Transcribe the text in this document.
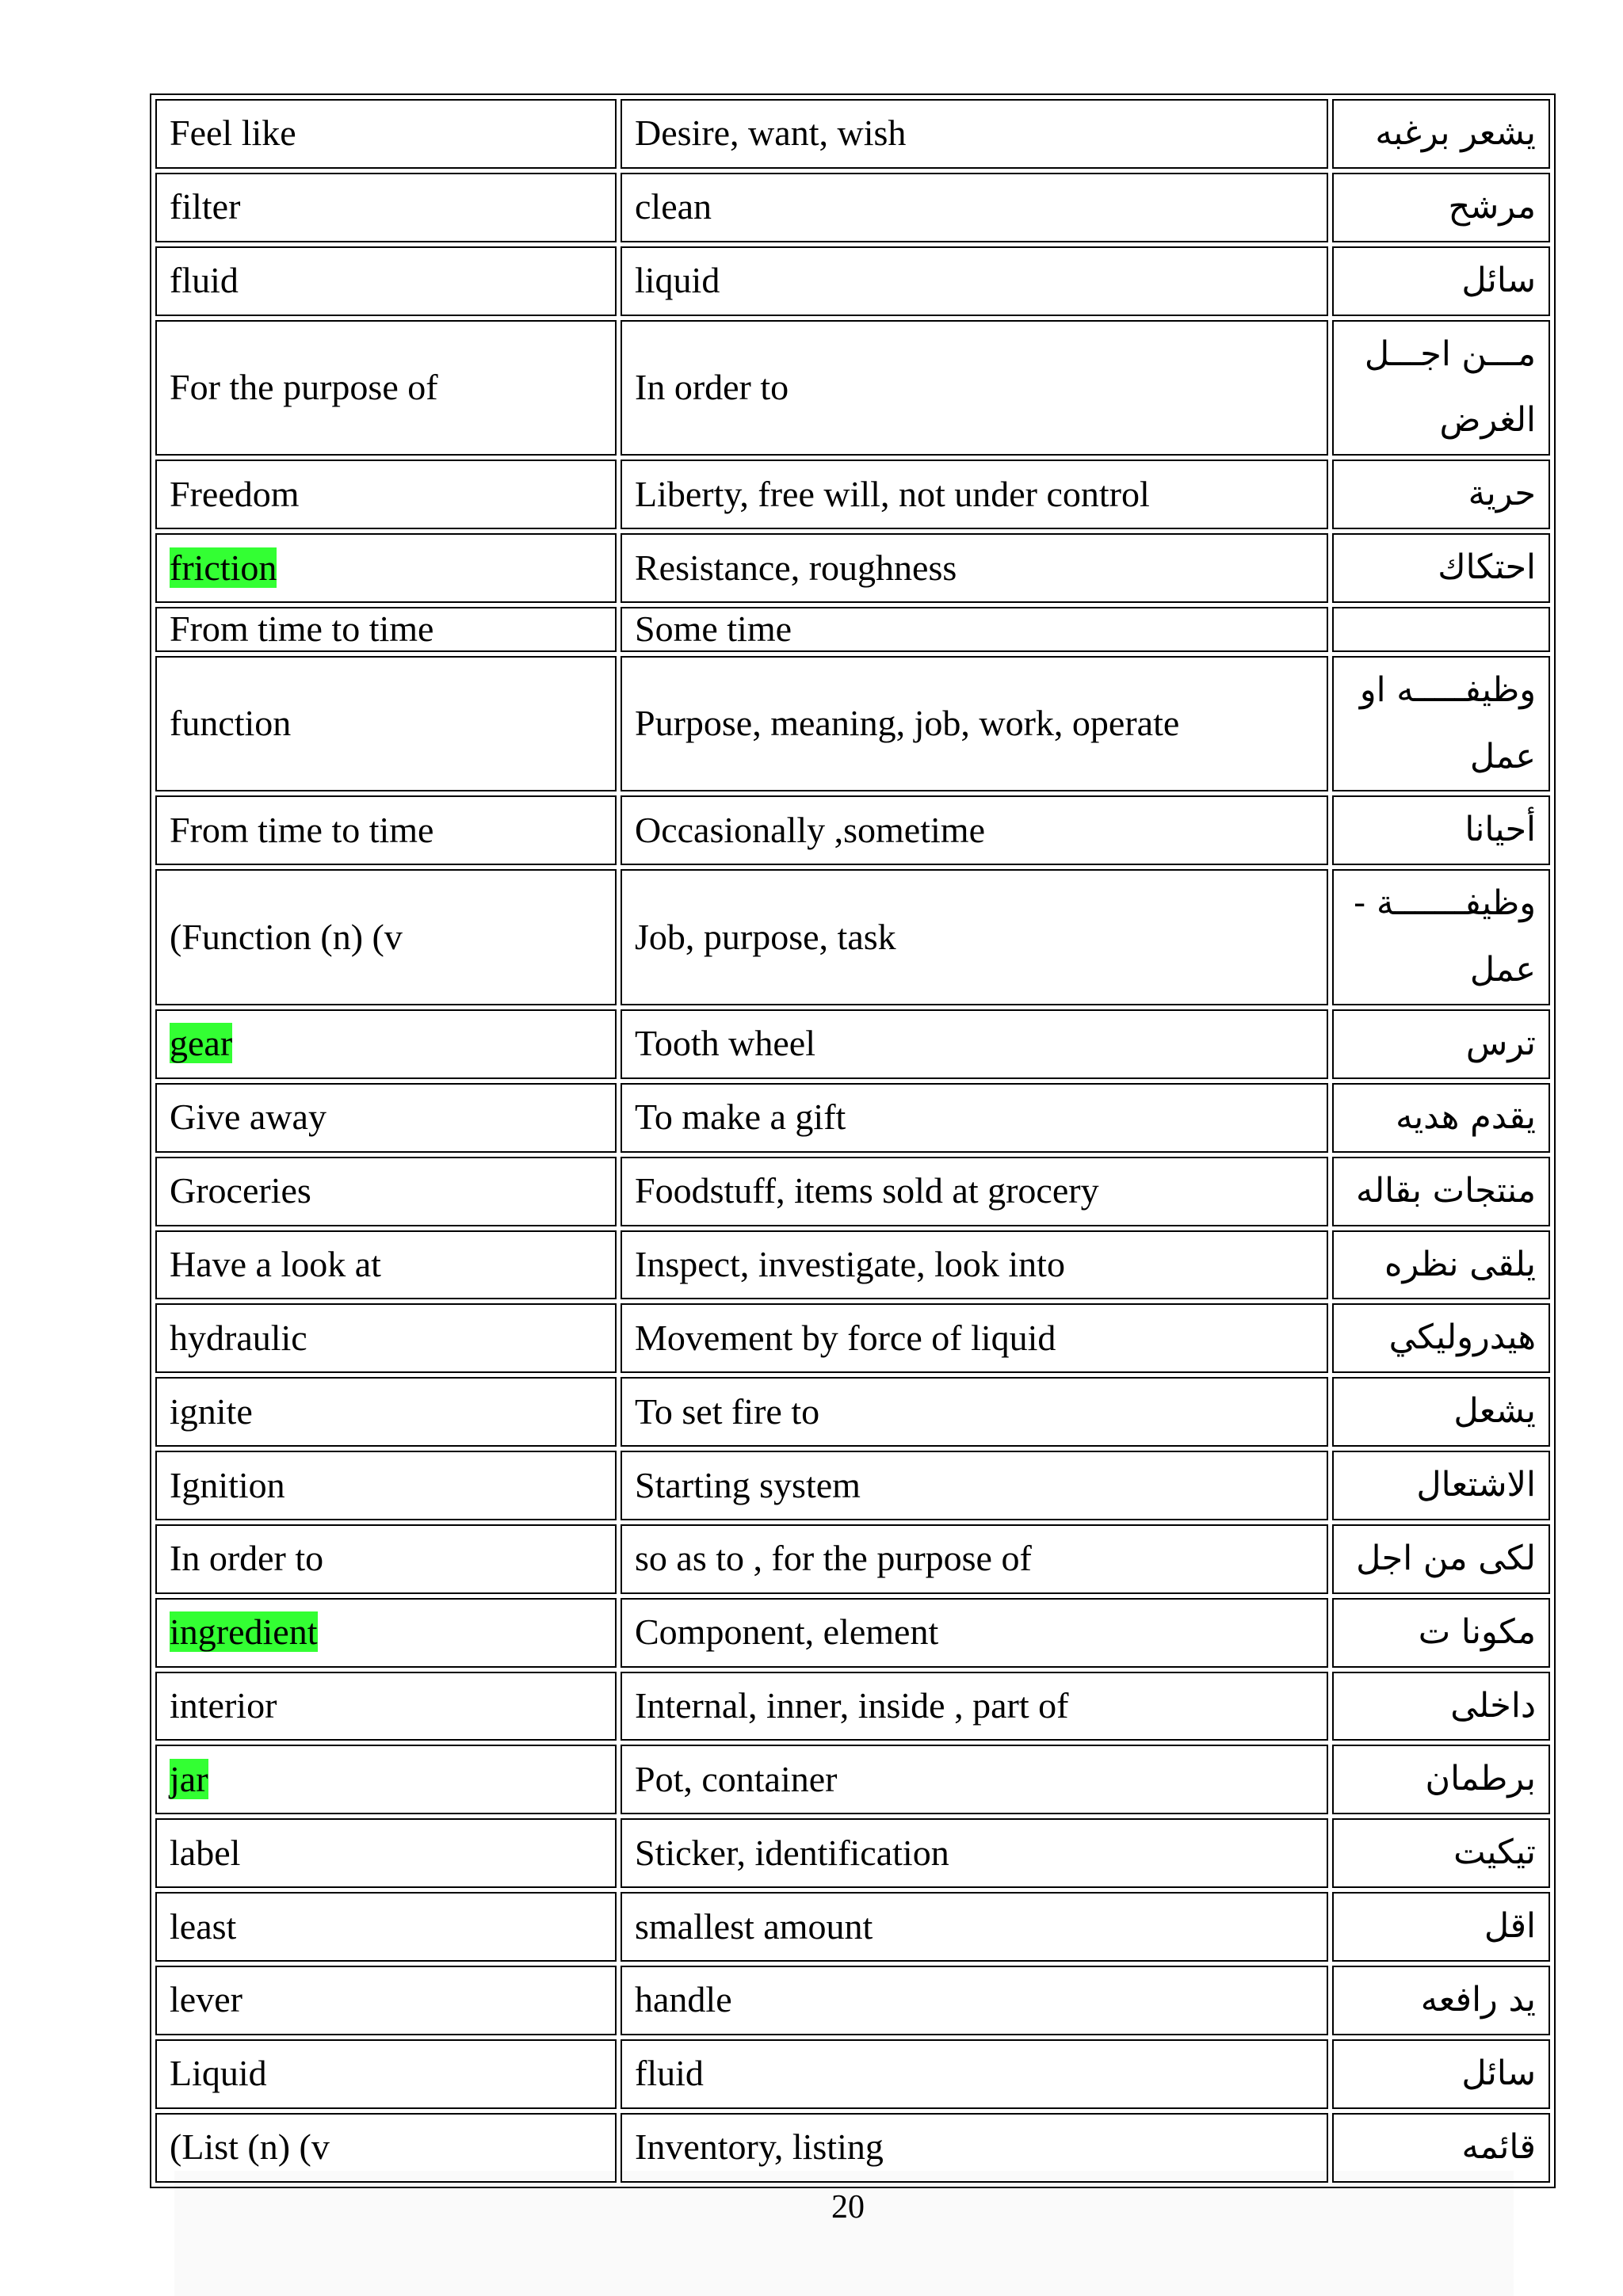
Feel like	Desire, want, wish	يشعر برغبه
filter	clean	مرشح
fluid	liquid	سائل
For the purpose of	In order to	مـــن اجـــل الغرض
Freedom	Liberty, free will, not under control	حرية
friction	Resistance, roughness	احتكاك
From time to time	Some time	
function	Purpose, meaning, job, work, operate	وظيفـــــه او عمل
From time to time	Occasionally ,sometime	أحيانا
(Function (n) (v	Job, purpose, task	وظيفـــــــة - عمل
gear	Tooth wheel	ترس
Give away	To make a gift	يقدم هديه
Groceries	Foodstuff, items sold at grocery	منتجات بقاله
Have a look at	Inspect, investigate, look into	يلقى نظره
hydraulic	Movement by force of liquid	هيدروليكي
ignite	To set fire to	يشعل
Ignition	Starting system	الاشتعال
In order to	so as to , for the purpose of	لكى من اجل
ingredient	Component, element	مكونا ت
interior	Internal, inner, inside , part of	داخلى
jar	Pot, container	برطمان
label	Sticker, identification	تيكيت
least	smallest amount	اقل
lever	handle	يد رافعه
Liquid	fluid	سائل
(List (n) (v	Inventory, listing	قائمه
20
